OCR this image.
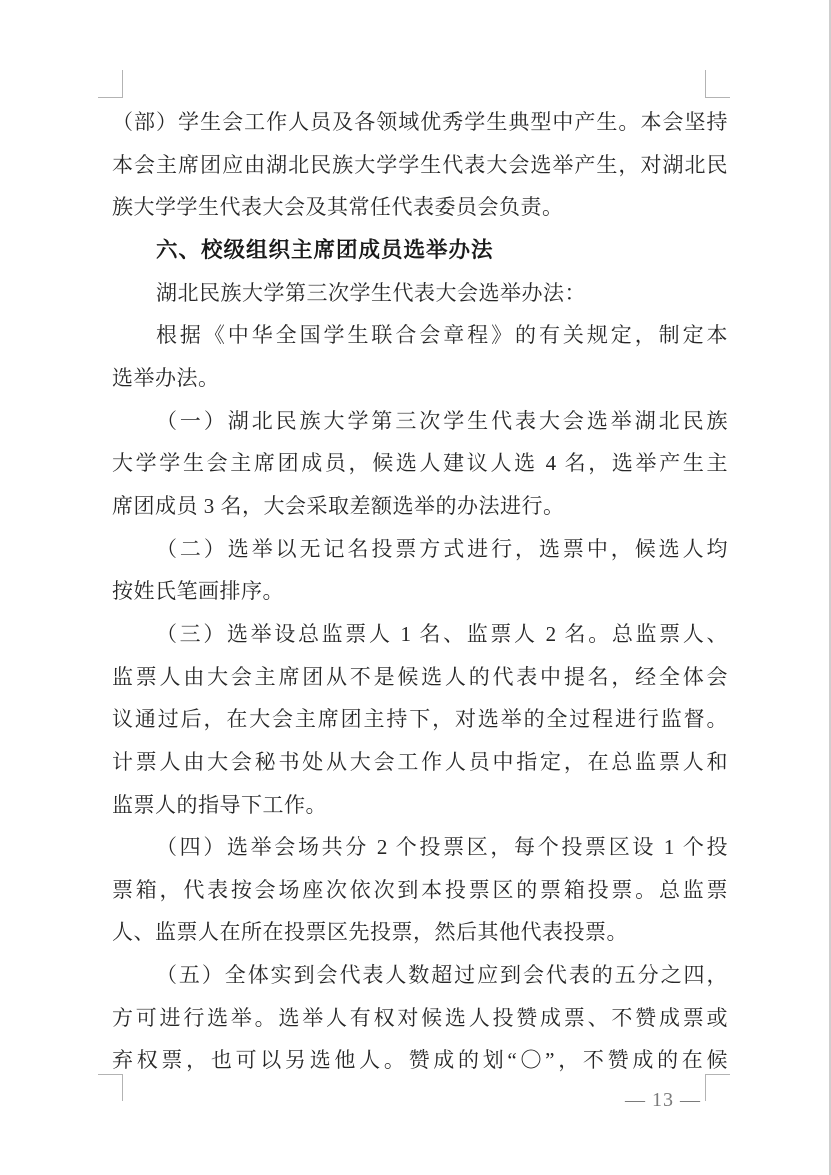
（部）学生会工作人员及各领域优秀学生典型中产生。本会坚持
本会主席团应由湖北民族大学学生代表大会选举产生，对湖北民
族大学学生代表大会及其常任代表委员会负责。
六、校级组织主席团成员选举办法
湖北民族大学第三次学生代表大会选举办法：
根据《中华全国学生联合会章程》的有关规定，制定本
选举办法。
（一）湖北民族大学第三次学生代表大会选举湖北民族
大学学生会主席团成员，候选人建议人选 4 名，选举产生主
席团成员 3 名，大会采取差额选举的办法进行。
（二）选举以无记名投票方式进行，选票中，候选人均
按姓氏笔画排序。
（三）选举设总监票人 1 名、监票人 2 名。总监票人、
监票人由大会主席团从不是候选人的代表中提名，经全体会
议通过后，在大会主席团主持下，对选举的全过程进行监督。
计票人由大会秘书处从大会工作人员中指定，在总监票人和
监票人的指导下工作。
（四）选举会场共分 2 个投票区，每个投票区设 1 个投
票箱，代表按会场座次依次到本投票区的票箱投票。总监票
人、监票人在所在投票区先投票，然后其他代表投票。
（五）全体实到会代表人数超过应到会代表的五分之四，
方可进行选举。选举人有权对候选人投赞成票、不赞成票或
弃权票，也可以另选他人。赞成的划“〇”，不赞成的在候
— 13 —
